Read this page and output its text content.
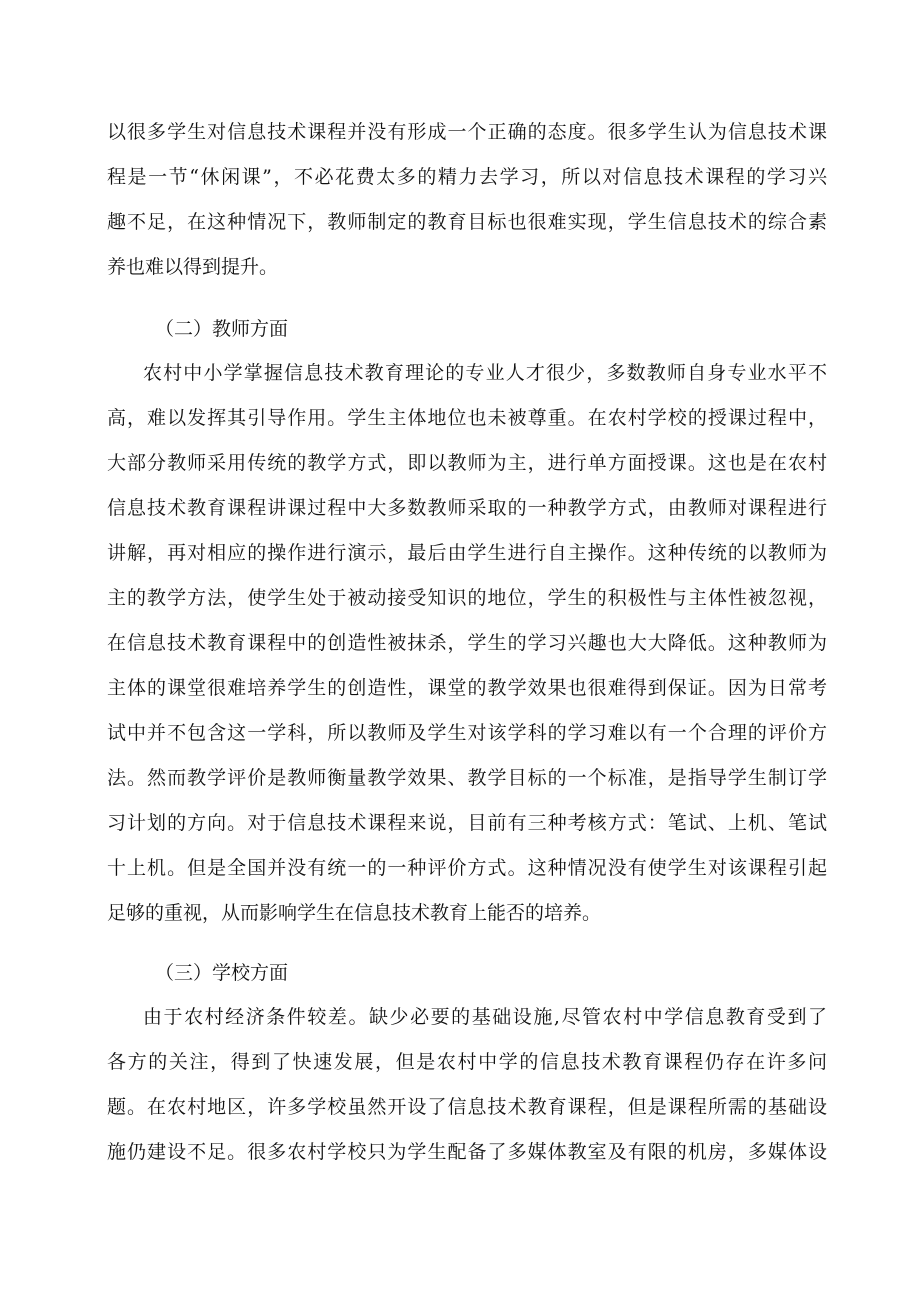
以很多学生对信息技术课程并没有形成一个正确的态度。很多学生认为信息技术课
程是一节“休闲课”，不必花费太多的精力去学习，所以对信息技术课程的学习兴
趣不足，在这种情况下，教师制定的教育目标也很难实现，学生信息技术的综合素
养也难以得到提升。
（二）教师方面
农村中小学掌握信息技术教育理论的专业人才很少，多数教师自身专业水平不
高，难以发挥其引导作用。学生主体地位也未被尊重。在农村学校的授课过程中，
大部分教师采用传统的教学方式，即以教师为主，进行单方面授课。这也是在农村
信息技术教育课程讲课过程中大多数教师采取的一种教学方式，由教师对课程进行
讲解，再对相应的操作进行演示，最后由学生进行自主操作。这种传统的以教师为
主的教学方法，使学生处于被动接受知识的地位，学生的积极性与主体性被忽视，
在信息技术教育课程中的创造性被抹杀，学生的学习兴趣也大大降低。这种教师为
主体的课堂很难培养学生的创造性，课堂的教学效果也很难得到保证。因为日常考
试中并不包含这一学科，所以教师及学生对该学科的学习难以有一个合理的评价方
法。然而教学评价是教师衡量教学效果、教学目标的一个标准，是指导学生制订学
习计划的方向。对于信息技术课程来说，目前有三种考核方式：笔试、上机、笔试
十上机。但是全国并没有统一的一种评价方式。这种情况没有使学生对该课程引起
足够的重视，从而影响学生在信息技术教育上能否的培养。
（三）学校方面
由于农村经济条件较差。缺少必要的基础设施,尽管农村中学信息教育受到了
各方的关注，得到了快速发展，但是农村中学的信息技术教育课程仍存在许多问
题。在农村地区，许多学校虽然开设了信息技术教育课程，但是课程所需的基础设
施仍建设不足。很多农村学校只为学生配备了多媒体教室及有限的机房，多媒体设
